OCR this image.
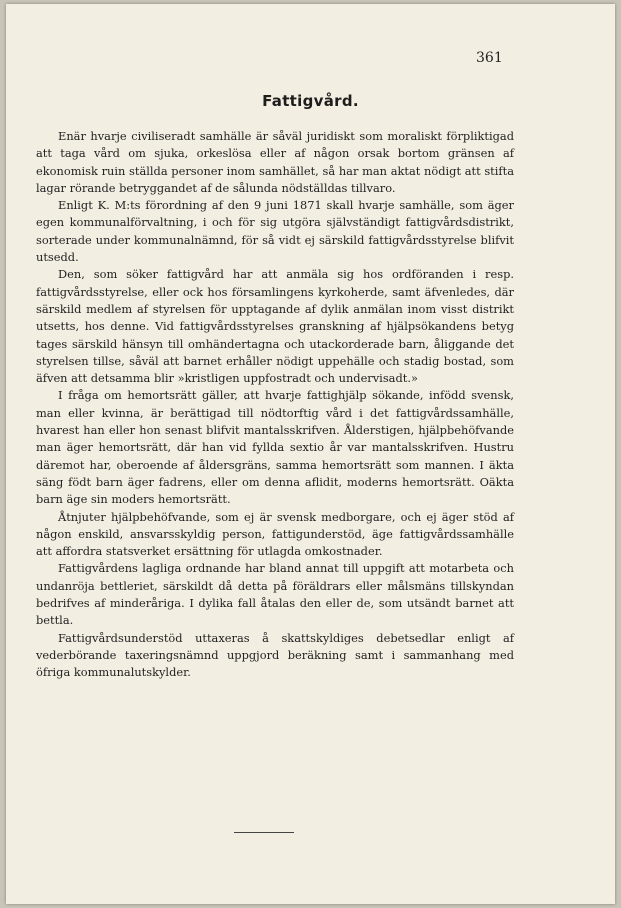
361
Fattigvård.

Enär hvarje civiliseradt samhälle är såväl juridiskt som moraliskt förpliktigad att taga vård om sjuka, orkeslösa eller af någon orsak bortom gränsen af ekonomisk ruin ställda personer inom samhället, så har man aktat nödigt att stifta lagar rörande betryggandet af de sålunda nödställdas tillvaro.

Enligt K. M:ts förordning af den 9 juni 1871 skall hvarje samhälle, som äger egen kommunalförvaltning, i och för sig utgöra självständigt fattigvårdsdistrikt, sorterade under kommunalnämnd, för så vidt ej särskild fattigvårdsstyrelse blifvit utsedd.

Den, som söker fattigvård har att anmäla sig hos ordföranden i resp. fattigvårdsstyrelse, eller ock hos församlingens kyrkoherde, samt äfvenledes, där särskild medlem af styrelsen för upptagande af dylik anmälan inom visst distrikt utsetts, hos denne. Vid fattigvårdsstyrelses granskning af hjälpsökandens betyg tages särskild hänsyn till omhändertagna och utackorderade barn, åliggande det styrelsen tillse, såväl att barnet erhåller nödigt uppehälle och stadig bostad, som äfven att detsamma blir »kristligen uppfostradt och undervisadt.»

I fråga om hemortsrätt gäller, att hvarje fattighjälp sökande, infödd svensk, man eller kvinna, är berättigad till nödtorftig vård i det fattigvårdssamhälle, hvarest han eller hon senast blifvit mantalsskrifven. Ålderstigen, hjälpbehöfvande man äger hemortsrätt, där han vid fyllda sextio år var mantalsskrifven. Hustru däremot har, oberoende af åldersgräns, samma hemortsrätt som mannen. I äkta säng födt barn äger fadrens, eller om denna aflidit, moderns hemortsrätt. Oäkta barn äge sin moders hemortsrätt.

Åtnjuter hjälpbehöfvande, som ej är svensk medborgare, och ej äger stöd af någon enskild, ansvarsskyldig person, fattigunderstöd, äge fattigvårdssamhälle att affordra statsverket ersättning för utlagda omkostnader.

Fattigvårdens lagliga ordnande har bland annat till uppgift att motarbeta och undanröja bettleriet, särskildt då detta på föräldrars eller målsmäns tillskyndan bedrifves af minderåriga. I dylika fall åtalas den eller de, som utsändt barnet att bettla.

Fattigvårdsunderstöd uttaxeras å skattskyldiges debetsedlar enligt af vederbörande taxeringsnämnd uppgjord beräkning samt i sammanhang med öfriga kommunalutskylder.
